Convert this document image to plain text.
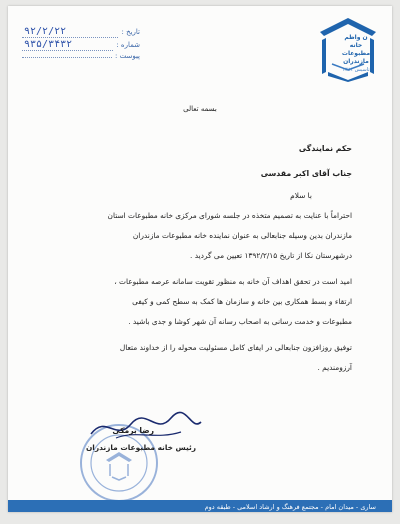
ن واظم
خانه
مطبوعات
مازندران
تاسیس ۱۳۸۱
تاریخ :
۹۲/۲/۲۲
شماره :
۹۳۵/۳۴۳۲
پیوست :
بسمه تعالی
حکم نمایندگی
جناب آقای اکبر مقدسی
با سلام
احتراماً با عنایت به تصمیم متخذه در جلسه شورای مرکزی خانه مطبوعات استان
مازندران بدین وسیله جنابعالی به عنوان نماینده خانه مطبوعات مازندران
درشهرستان نکا از تاریخ ۱۳۹۲/۲/۱۵ تعیین می گردید .
امید است در تحقق اهداف آن خانه به منظور تقویت سامانه عرصه مطبوعات ،
ارتقاء و بسط همکاری بین خانه و سازمان ها کمک به سطح کمی و کیفی
مطبوعات و خدمت رسانی به اصحاب رسانه آن شهر کوشا و جدی باشید .
توفیق روزافزون جنابعالی در ایفای کامل مسئولیت محوله را از خداوند متعال
آرزومندیم .
رضا برمکی
رئیس خانه مطبوعات مازندران
ساری - میدان امام - مجتمع فرهنگ و ارشاد اسلامی - طبقه دوم
